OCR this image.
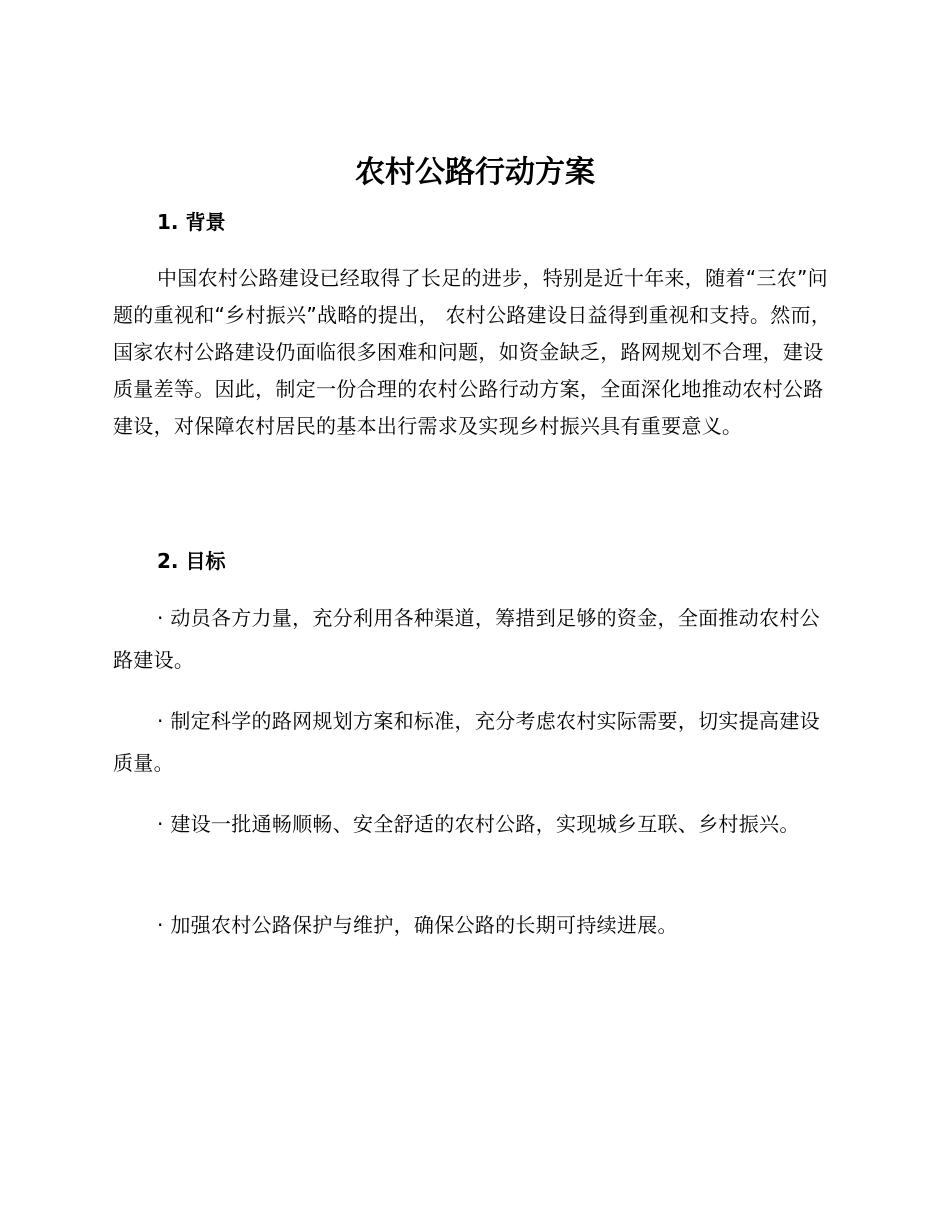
农村公路行动方案
1. 背景

中国农村公路建设已经取得了长足的进步，特别是近十年来，随着“三农”问题的重视和“乡村振兴”战略的提出， 农村公路建设日益得到重视和支持。然而，国家农村公路建设仍面临很多困难和问题，如资金缺乏，路网规划不合理，建设质量差等。因此，制定一份合理的农村公路行动方案，全面深化地推动农村公路建设，对保障农村居民的基本出行需求及实现乡村振兴具有重要意义。

2. 目标

· 动员各方力量，充分利用各种渠道，筹措到足够的资金，全面推动农村公路建设。

· 制定科学的路网规划方案和标准，充分考虑农村实际需要，切实提高建设质量。

· 建设一批通畅顺畅、安全舒适的农村公路，实现城乡互联、乡村振兴。

· 加强农村公路保护与维护，确保公路的长期可持续进展。
